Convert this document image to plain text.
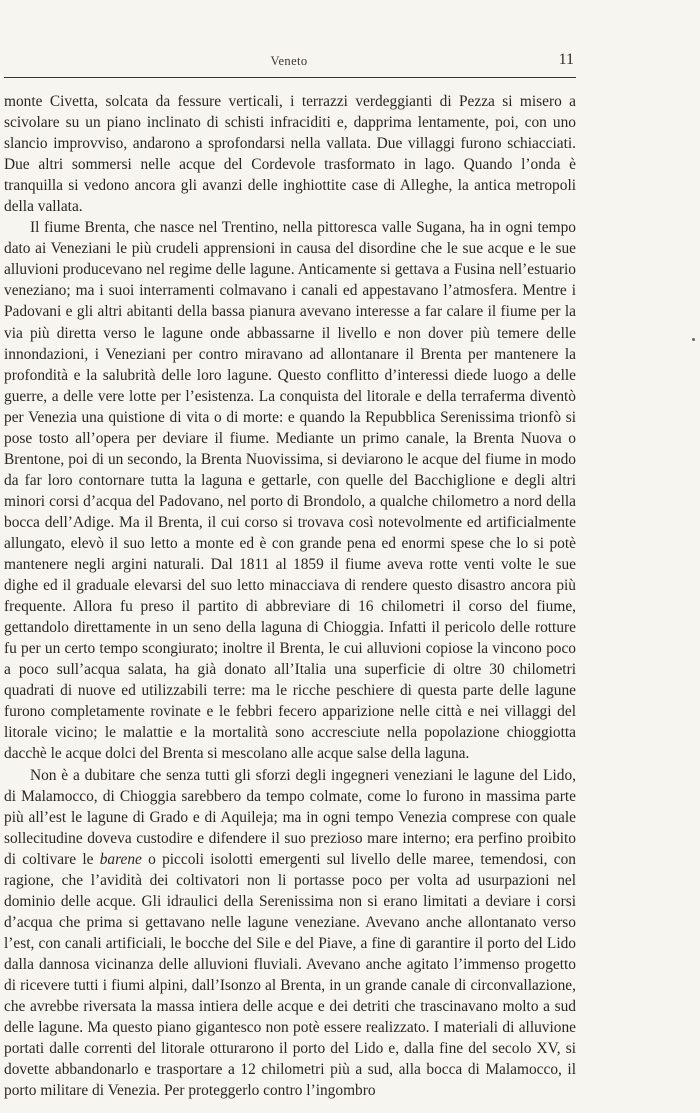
Veneto	11

monte Civetta, solcata da fessure verticali, i terrazzi verdeggianti di Pezza si misero a scivolare su un piano inclinato di schisti infraciditi e, dapprima lentamente, poi, con uno slancio improvviso, andarono a sprofondarsi nella vallata. Due villaggi furono schiacciati. Due altri sommersi nelle acque del Cordevole trasformato in lago. Quando l’onda è tranquilla si vedono ancora gli avanzi delle inghiottite case di Alleghe, la antica metropoli della vallata.

Il fiume Brenta, che nasce nel Trentino, nella pittoresca valle Sugana, ha in ogni tempo dato ai Veneziani le più crudeli apprensioni in causa del disordine che le sue acque e le sue alluvioni producevano nel regime delle lagune. Anticamente si gettava a Fusina nell’estuario veneziano; ma i suoi interramenti colmavano i canali ed appestavano l’atmosfera. Mentre i Padovani e gli altri abitanti della bassa pianura avevano interesse a far calare il fiume per la via più diretta verso le lagune onde abbassarne il livello e non dover più temere delle innondazioni, i Veneziani per contro miravano ad allontanare il Brenta per mantenere la profondità e la salubrità delle loro lagune. Questo conflitto d’interessi diede luogo a delle guerre, a delle vere lotte per l’esistenza. La conquista del litorale e della terraferma diventò per Venezia una quistione di vita o di morte: e quando la Repubblica Serenissima trionfò si pose tosto all’opera per deviare il fiume. Mediante un primo canale, la Brenta Nuova o Brentone, poi di un secondo, la Brenta Nuovissima, si deviarono le acque del fiume in modo da far loro contornare tutta la laguna e gettarle, con quelle del Bacchiglione e degli altri minori corsi d’acqua del Padovano, nel porto di Brondolo, a qualche chilometro a nord della bocca dell’Adige. Ma il Brenta, il cui corso si trovava così notevolmente ed artificialmente allungato, elevò il suo letto a monte ed è con grande pena ed enormi spese che lo si potè mantenere negli argini naturali. Dal 1811 al 1859 il fiume aveva rotte venti volte le sue dighe ed il graduale elevarsi del suo letto minacciava di rendere questo disastro ancora più frequente. Allora fu preso il partito di abbreviare di 16 chilometri il corso del fiume, gettandolo direttamente in un seno della laguna di Chioggia. Infatti il pericolo delle rotture fu per un certo tempo scongiurato; inoltre il Brenta, le cui alluvioni copiose la vincono poco a poco sull’acqua salata, ha già donato all’Italia una superficie di oltre 30 chilometri quadrati di nuove ed utilizzabili terre: ma le ricche peschiere di questa parte delle lagune furono completamente rovinate e le febbri fecero apparizione nelle città e nei villaggi del litorale vicino; le malattie e la mortalità sono accresciute nella popolazione chioggiotta dacchè le acque dolci del Brenta si mescolano alle acque salse della laguna.

Non è a dubitare che senza tutti gli sforzi degli ingegneri veneziani le lagune del Lido, di Malamocco, di Chioggia sarebbero da tempo colmate, come lo furono in massima parte più all’est le lagune di Grado e di Aquileja; ma in ogni tempo Venezia comprese con quale sollecitudine doveva custodire e difendere il suo prezioso mare interno; era perfino proibito di coltivare le barene o piccoli isolotti emergenti sul livello delle maree, temendosi, con ragione, che l’avidità dei coltivatori non li portasse poco per volta ad usurpazioni nel dominio delle acque. Gli idraulici della Serenissima non si erano limitati a deviare i corsi d’acqua che prima si gettavano nelle lagune veneziane. Avevano anche allontanato verso l’est, con canali artificiali, le bocche del Sile e del Piave, a fine di garantire il porto del Lido dalla dannosa vicinanza delle alluvioni fluviali. Avevano anche agitato l’immenso progetto di ricevere tutti i fiumi alpini, dall’Isonzo al Brenta, in un grande canale di circonvallazione, che avrebbe riversata la massa intiera delle acque e dei detriti che trascinavano molto a sud delle lagune. Ma questo piano gigantesco non potè essere realizzato. I materiali di alluvione portati dalle correnti del litorale otturarono il porto del Lido e, dalla fine del secolo XV, si dovette abbandonarlo e trasportare a 12 chilometri più a sud, alla bocca di Malamocco, il porto militare di Venezia. Per proteggerlo contro l’ingombro
